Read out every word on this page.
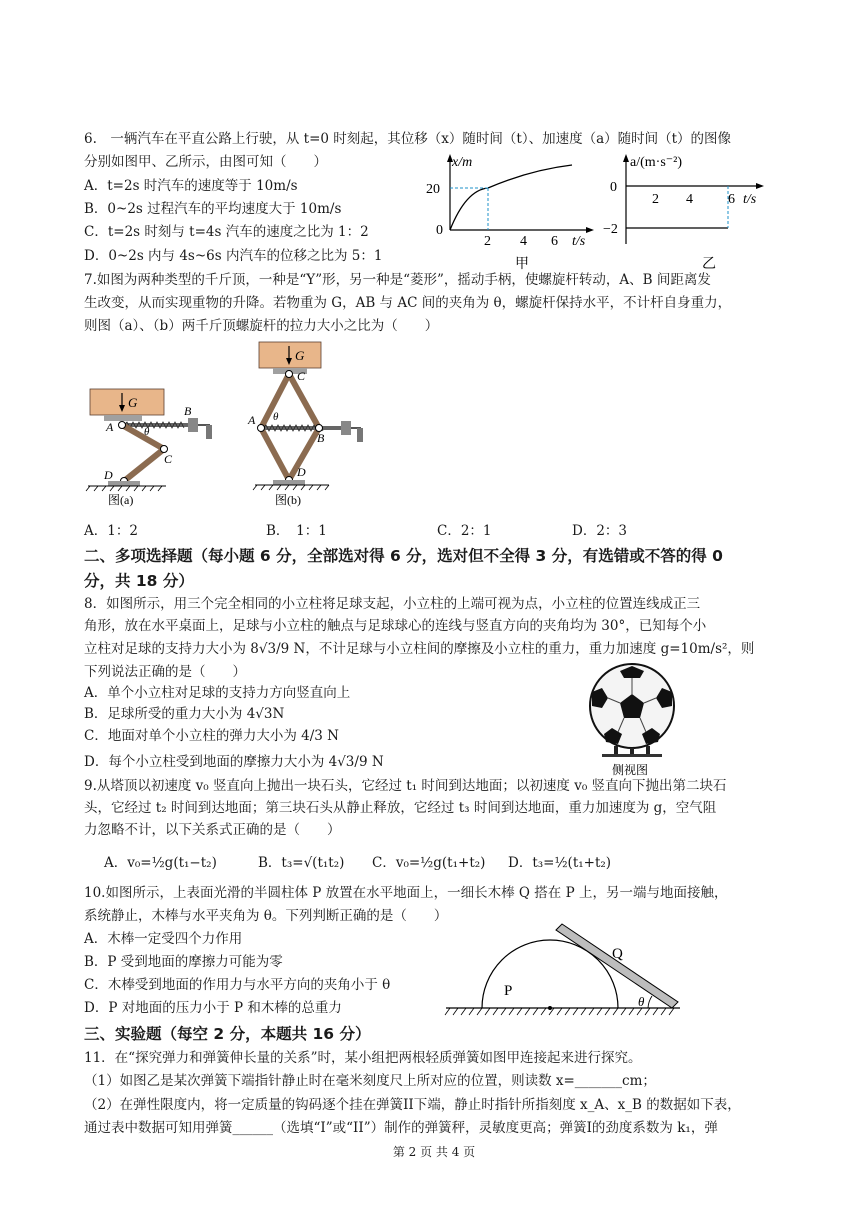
6.　一辆汽车在平直公路上行驶，从 t=0 时刻起，其位移（x）随时间（t）、加速度（a）随时间（t）的图像
分别如图甲、乙所示，由图可知（　　）
A．t=2s 时汽车的速度等于 10m/s
B．0~2s 过程汽车的平均速度大于 10m/s
C．t=2s 时刻与 t=4s 汽车的速度之比为 1：2
D．0~2s 内与 4s~6s 内汽车的位移之比为 5：1
x/m
20
0
2 4 6 t/s
甲
a/(m·s⁻²)
0
−2
2 4	6 t/s
乙
7.如图为两种类型的千斤顶，一种是“Y”形，另一种是“菱形”，摇动手柄，使螺旋杆转动，A、B 间距离发
生改变，从而实现重物的升降。若物重为 G，AB 与 AC 间的夹角为 θ，螺旋杆保持水平，不计杆自身重力，
则图（a）、（b）两千斤顶螺旋杆的拉力大小之比为（　　）
G
A
B
C
D
θ
图(a)
G
C
A
B
D
θ
图(b)
A．1：2	B．　1：1	C．2：1	D．2：3
二、多项选择题（每小题 6 分，全部选对得 6 分，选对但不全得 3 分，有选错或不答的得 0
分，共 18 分）
8．如图所示，用三个完全相同的小立柱将足球支起，小立柱的上端可视为点，小立柱的位置连线成正三
角形，放在水平桌面上，足球与小立柱的触点与足球球心的连线与竖直方向的夹角均为 30°，已知每个小
立柱对足球的支持力大小为 8√3/9 N，不计足球与小立柱间的摩擦及小立柱的重力，重力加速度 g=10m/s²，则
下列说法正确的是（　　）
A．单个小立柱对足球的支持力方向竖直向上
B．足球所受的重力大小为 4√3N
C．地面对单个小立柱的弹力大小为 4/3 N
D．每个小立柱受到地面的摩擦力大小为 4√3/9 N	侧视图
9.从塔顶以初速度 v₀ 竖直向上抛出一块石头，它经过 t₁ 时间到达地面；以初速度 v₀ 竖直向下抛出第二块石
头，它经过 t₂ 时间到达地面；第三块石头从静止释放，它经过 t₃ 时间到达地面，重力加速度为 g，空气阻
力忽略不计，以下关系式正确的是（　　）
A．v₀=½g(t₁−t₂)	B．t₃=√(t₁t₂) C．v₀=½g(t₁+t₂) D．t₃=½(t₁+t₂)
10.如图所示，上表面光滑的半圆柱体 P 放置在水平地面上，一细长木棒 Q 搭在 P 上，另一端与地面接触，
系统静止，木棒与水平夹角为 θ。下列判断正确的是（　　）
A．木棒一定受四个力作用
B．P 受到地面的摩擦力可能为零
C．木棒受到地面的作用力与水平方向的夹角小于 θ
D．P 对地面的压力小于 P 和木棒的总重力
P
Q
θ
三、实验题（每空 2 分，本题共 16 分）
11．在“探究弹力和弹簧伸长量的关系”时，某小组把两根轻质弹簧如图甲连接起来进行探究。
（1）如图乙是某次弹簧下端指针静止时在毫米刻度尺上所对应的位置，则读数 x=_______cm；
（2）在弹性限度内，将一定质量的钩码逐个挂在弹簧II下端，静止时指针所指刻度 x_A、x_B 的数据如下表，
通过表中数据可知用弹簧______（选填“I”或“II”）制作的弹簧秤，灵敏度更高；弹簧I的劲度系数为 k₁，弹
第 2 页 共 4 页
